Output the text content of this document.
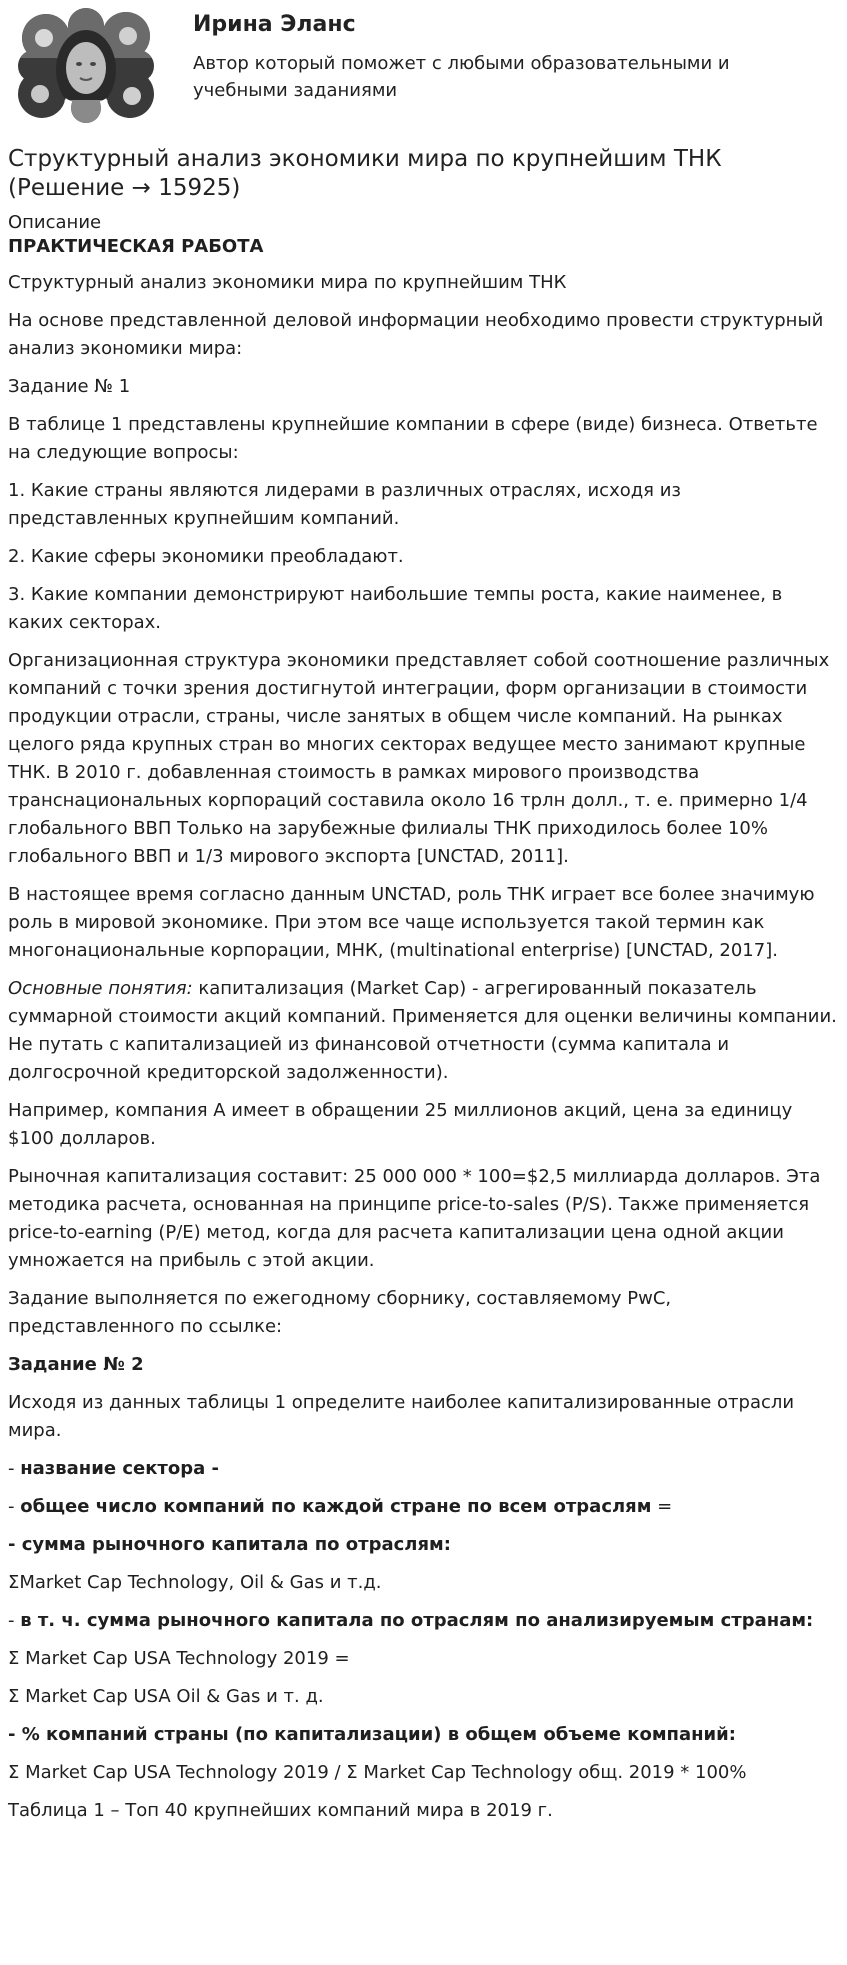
Ирина Эланс
Автор который поможет с любыми образовательными и учебными заданиями
Структурный анализ экономики мира по крупнейшим ТНК (Решение → 15925)
Описание
ПРАКТИЧЕСКАЯ РАБОТА

Структурный анализ экономики мира по крупнейшим ТНК

На основе представленной деловой информации необходимо провести структурный анализ экономики мира:

Задание № 1

В таблице 1 представлены крупнейшие компании в сфере (виде) бизнеса. Ответьте на следующие вопросы:

1. Какие страны являются лидерами в различных отраслях, исходя из представленных крупнейшим компаний.

2. Какие сферы экономики преобладают.

3. Какие компании демонстрируют наибольшие темпы роста, какие наименее, в каких секторах.

Организационная структура экономики представляет собой соотношение различных компаний с точки зрения достигнутой интеграции, форм организации в стоимости продукции отрасли, страны, числе занятых в общем числе компаний. На рынках целого ряда крупных стран во многих секторах ведущее место занимают крупные ТНК. В 2010 г. добавленная стоимость в рамках мирового производства транснациональных корпораций составила около 16 трлн долл., т. е. примерно 1/4 глобального ВВП Только на зарубежные филиалы ТНК приходилось более 10% глобального ВВП и 1/3 мирового экспорта [UNCTAD, 2011].

В настоящее время согласно данным UNCTAD, роль ТНК играет все более значимую роль в мировой экономике. При этом все чаще используется такой термин как многонациональные корпорации, МНК, (multinational enterprise) [UNCTAD, 2017].

Основные понятия: капитализация (Market Cap) - агрегированный показатель суммарной стоимости акций компаний. Применяется для оценки величины компании. Не путать с капитализацией из финансовой отчетности (сумма капитала и долгосрочной кредиторской задолженности).

Например, компания А имеет в обращении 25 миллионов акций, цена за единицу $100 долларов.

Рыночная капитализация составит: 25 000 000 * 100=$2,5 миллиарда долларов. Эта методика расчета, основанная на принципе price-to-sales (P/S). Также применяется price-to-earning (P/E) метод, когда для расчета капитализации цена одной акции умножается на прибыль с этой акции.

Задание выполняется по ежегодному сборнику, составляемому PwC, представленного по ссылке:

Задание № 2

Исходя из данных таблицы 1 определите наиболее капитализированные отрасли мира.

- название сектора -

- общее число компаний по каждой стране по всем отраслям =

- сумма рыночного капитала по отраслям:

ΣMarket Cap Technology, Oil & Gas и т.д.

- в т. ч. сумма рыночного капитала по отраслям по анализируемым странам:

Σ Market Cap USA Technology 2019 =

Σ Market Cap USA Oil & Gas и т. д.

- % компаний страны (по капитализации) в общем объеме компаний:

Σ Market Cap USA Technology 2019 / Σ Market Cap Technology общ. 2019 * 100%

Таблица 1 – Топ 40 крупнейших компаний мира в 2019 г.
